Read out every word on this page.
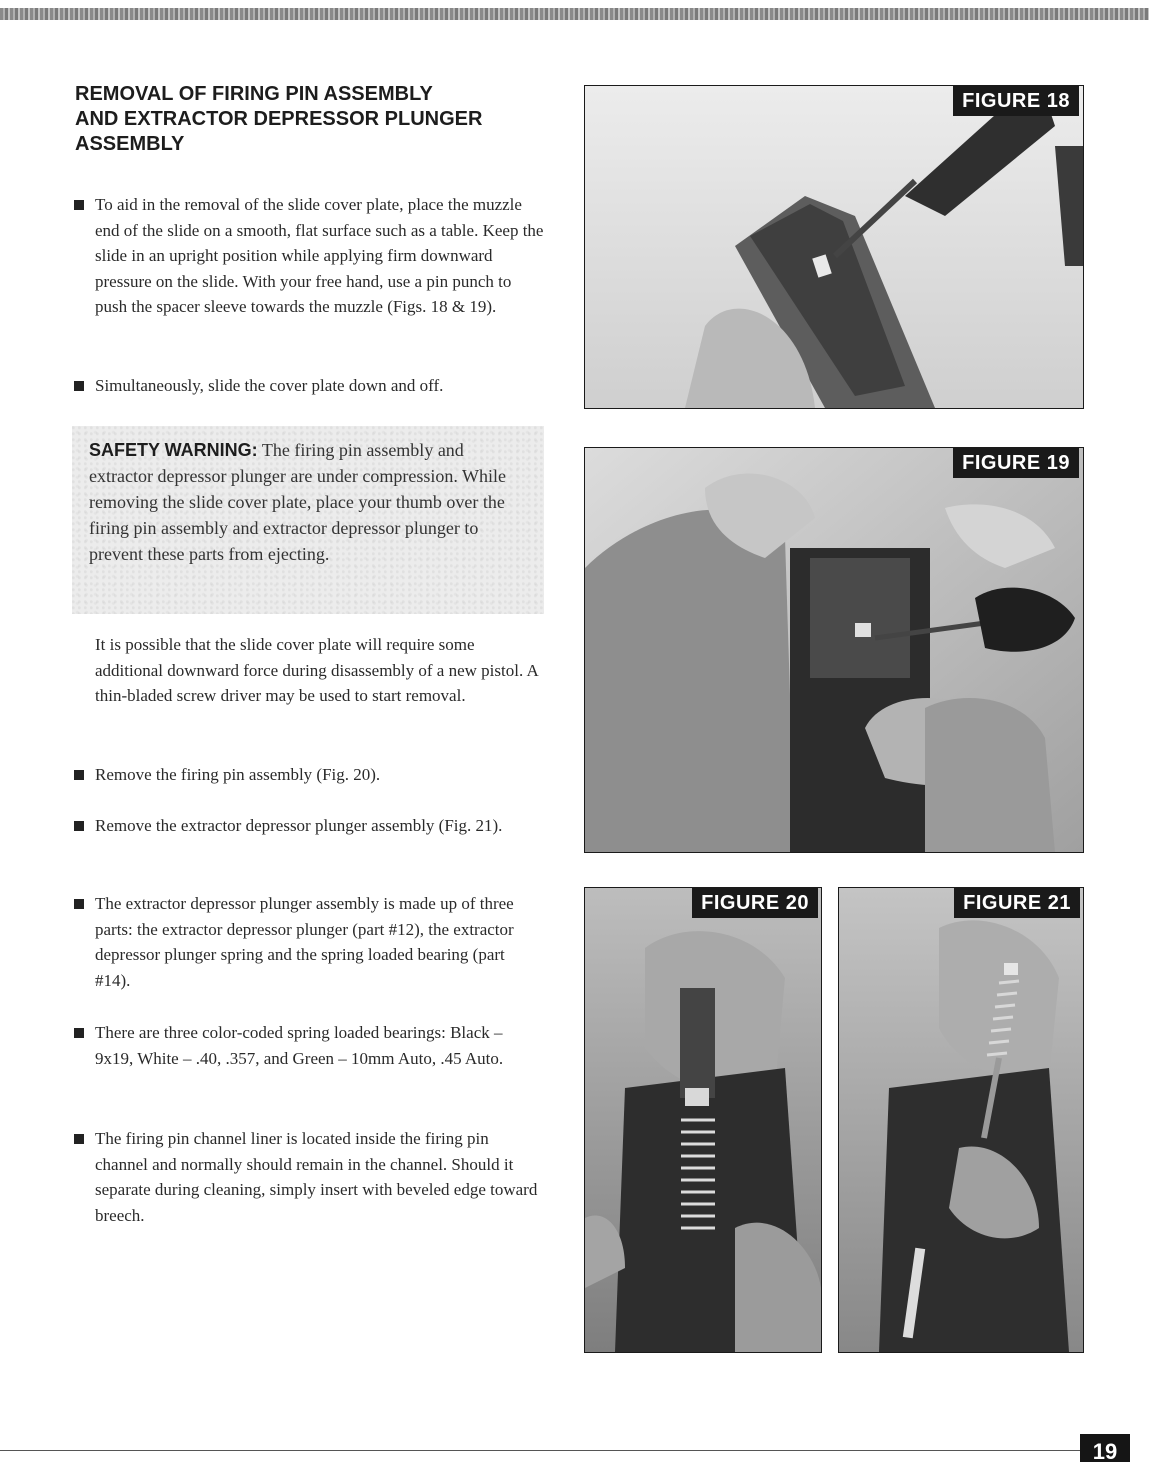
REMOVAL OF FIRING PIN ASSEMBLY
AND EXTRACTOR DEPRESSOR PLUNGER
ASSEMBLY
To aid in the removal of the slide cover plate, place the muzzle end of the slide on a smooth, flat surface such as a table. Keep the slide in an upright position while applying firm downward pressure on the slide. With your free hand, use a pin punch to push the spacer sleeve towards the muzzle (Figs. 18 & 19).
Simultaneously, slide the cover plate down and off.
SAFETY WARNING: The firing pin assembly and extractor depressor plunger are under compression. While removing the slide cover plate, place your thumb over the firing pin assembly and extractor depressor plunger to prevent these parts from ejecting.
It is possible that the slide cover plate will require some additional downward force during disassembly of a new pistol. A thin-bladed screw driver may be used to start removal.
Remove the firing pin assembly (Fig. 20).
Remove the extractor depressor plunger assembly (Fig. 21).
The extractor depressor plunger assembly is made up of three parts: the extractor depressor plunger (part #12), the extractor depressor plunger spring and the spring loaded bearing (part #14).
There are three color-coded spring loaded bearings: Black – 9x19, White – .40, .357, and Green – 10mm Auto, .45 Auto.
The firing pin channel liner is located inside the firing pin channel and normally should remain in the channel. Should it separate during cleaning, simply insert with beveled edge toward breech.
FIGURE 18
FIGURE 19
FIGURE 20	FIGURE 21
19
